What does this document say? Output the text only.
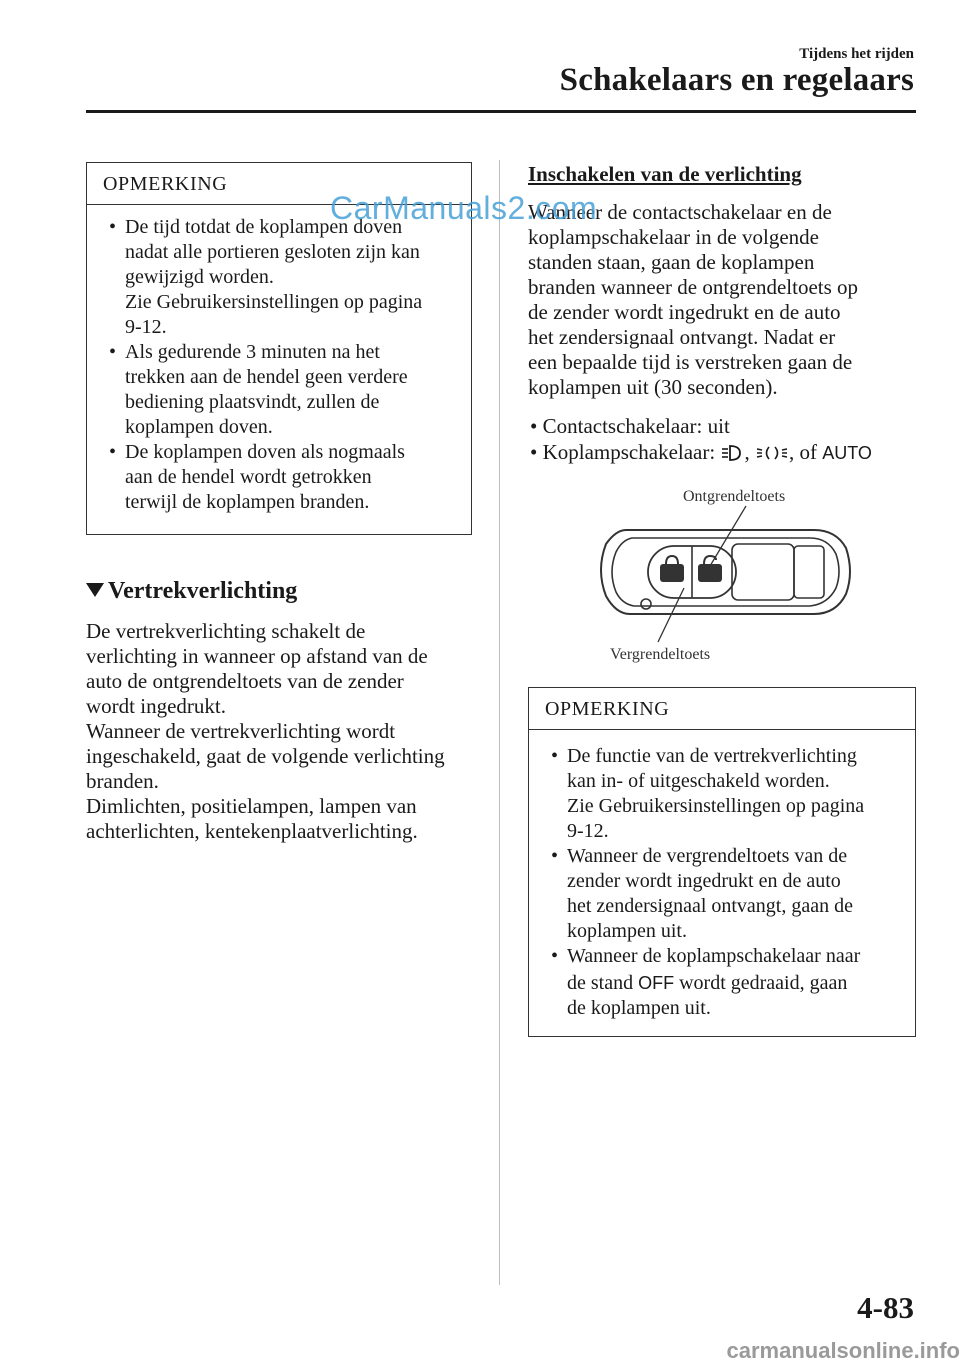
Tijdens het rijden
Schakelaars en regelaars
OPMERKING
• De tijd totdat de koplampen doven
nadat alle portieren gesloten zijn kan
gewijzigd worden.
Zie Gebruikersinstellingen op pagina
9-12.
• Als gedurende 3 minuten na het
trekken aan de hendel geen verdere
bediening plaatsvindt, zullen de
koplampen doven.
• De koplampen doven als nogmaals
aan de hendel wordt getrokken
terwijl de koplampen branden.
Vertrekverlichting
De vertrekverlichting schakelt de
verlichting in wanneer op afstand van de
auto de ontgrendeltoets van de zender
wordt ingedrukt.
Wanneer de vertrekverlichting wordt
ingeschakeld, gaat de volgende verlichting
branden.
Dimlichten, positielampen, lampen van
achterlichten, kentekenplaatverlichting.
Inschakelen van de verlichting
Wanneer de contactschakelaar en de
koplampschakelaar in de volgende
standen staan, gaan de koplampen
branden wanneer de ontgrendeltoets op
de zender wordt ingedrukt en de auto
het zendersignaal ontvangt. Nadat er
een bepaalde tijd is verstreken gaan de
koplampen uit (30 seconden).
• Contactschakelaar: uit
• Koplampschakelaar: , , of AUTO
Ontgrendeltoets
Vergrendeltoets
OPMERKING
• De functie van de vertrekverlichting
kan in- of uitgeschakeld worden.
Zie Gebruikersinstellingen op pagina
9-12.
• Wanneer de vergrendeltoets van de
zender wordt ingedrukt en de auto
het zendersignaal ontvangt, gaan de
koplampen uit.
• Wanneer de koplampschakelaar naar
de stand OFF wordt gedraaid, gaan
de koplampen uit.
4-83
CarManuals2.com
carmanualsonline.info
